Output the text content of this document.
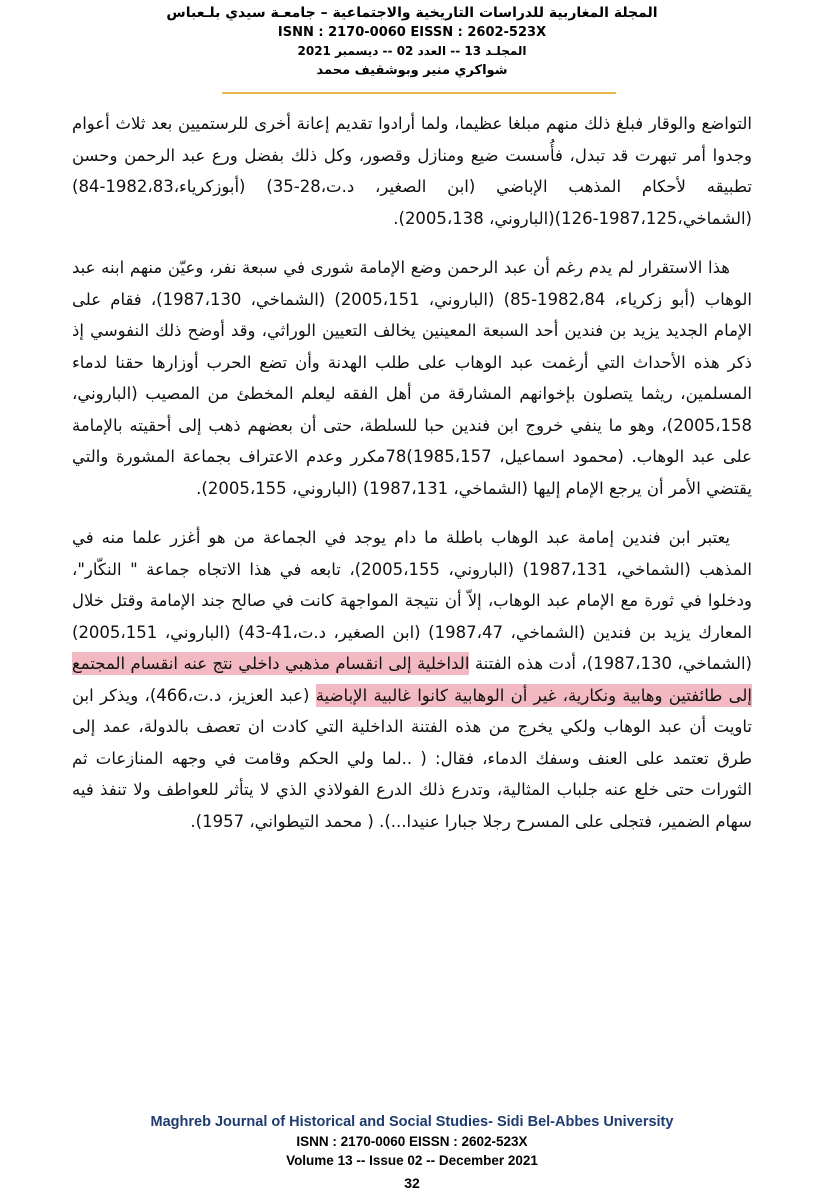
المجلة المغاربية للدراسات التاريخية والاجتماعية – جامعـة سيدي بلـعباس
ISNN : 2170-0060 EISSN : 2602-523X
المجلـد 13 -- العدد 02 -- ديسمبر 2021
شواكري منير وبوشقيف محمد

التواضع والوقار فبلغ ذلك منهم مبلغا عظيما، ولما أرادوا تقديم إعانة أخرى للرستميين بعد ثلاث أعوام وجدوا أمر تبهرت قد تبدل، فأُسست ضيع ومنازل وقصور، وكل ذلك بفضل ورع عبد الرحمن وحسن تطبيقه لأحكام المذهب الإباضي (ابن الصغير، د.ت،28-35) (أبوزكرياء،1982،83-84)(الشماخي،1987،125-126)(الباروني، 2005،138).

هذا الاستقرار لم يدم رغم أن عبد الرحمن وضع الإمامة شورى في سبعة نفر، وعيّن منهم ابنه عبد الوهاب (أبو زكرياء، 1982،84-85) (الباروني، 2005،151) (الشماخي، 1987،130)، فقام على الإمام الجديد يزيد بن فندين أحد السبعة المعينين يخالف التعيين الوراثي، وقد أوضح ذلك النفوسي إذ ذكر هذه الأحداث التي أرغمت عبد الوهاب على طلب الهدنة وأن تضع الحرب أوزارها حقنا لدماء المسلمين، ريثما يتصلون بإخوانهم المشارقة من أهل الفقه ليعلم المخطئ من المصيب (الباروني، 2005،158)، وهو ما ينفي خروج ابن فندين حبا للسلطة، حتى أن بعضهم ذهب إلى أحقيته بالإمامة على عبد الوهاب. (محمود اسماعيل، 1985،157)78مكرر وعدم الاعتراف بجماعة المشورة والتي يقتضي الأمر أن يرجع الإمام إليها (الشماخي، 1987،131) (الباروني، 2005،155).

يعتبر ابن فندين إمامة عبد الوهاب باطلة ما دام يوجد في الجماعة من هو أغزر علما منه في المذهب (الشماخي، 1987،131) (الباروني، 2005،155)، تابعه في هذا الاتجاه جماعة " النكّار"، ودخلوا في ثورة مع الإمام عبد الوهاب، إلاّ أن نتيجة المواجهة كانت في صالح جند الإمامة وقتل خلال المعارك يزيد بن فندين (الشماخي، 1987،47) (ابن الصغير، د.ت،41-43) (الباروني، 2005،151) (الشماخي، 1987،130)، أدت هذه الفتنة الداخلية إلى انقسام مذهبي داخلي نتج عنه انقسام المجتمع إلى طائفتين وهابية ونكارية، غير أن الوهابية كانوا غالبية الإباضية (عبد العزيز، د.ت،466)، ويذكر ابن تاويت أن عبد الوهاب ولكي يخرج من هذه الفتنة الداخلية التي كادت ان تعصف بالدولة، عمد إلى طرق تعتمد على العنف وسفك الدماء، فقال: ( ..لما ولي الحكم وقامت في وجهه المنازعات ثم الثورات حتى خلع عنه جلباب المثالية، وتدرع ذلك الدرع الفولاذي الذي لا يتأثر للعواطف ولا تنفذ فيه سهام الضمير، فتجلى على المسرح رجلا جبارا عنيدا...). ( محمد التيطواني، 1957).

Maghreb Journal of Historical and Social Studies- Sidi Bel-Abbes University
ISNN : 2170-0060 EISSN : 2602-523X
Volume 13 -- Issue 02 -- December 2021
32
